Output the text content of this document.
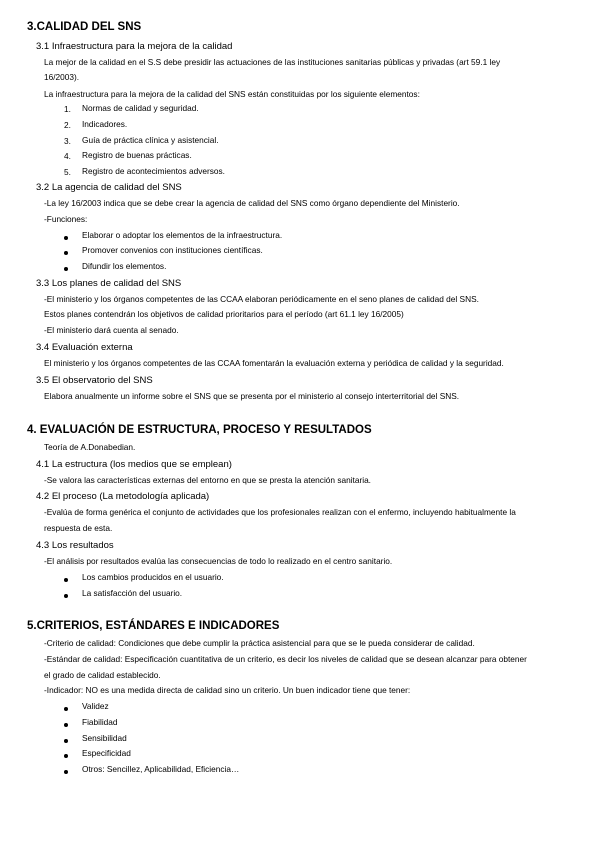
3.CALIDAD DEL SNS
3.1 Infraestructura para la mejora de la calidad
La mejor de la calidad en el S.S debe presidir las actuaciones de las instituciones sanitarias públicas y privadas (art 59.1 ley
16/2003).
La infraestructura para la mejora de la calidad del SNS están constituidas por los siguiente elementos:
1. Normas de calidad y seguridad.
2. Indicadores.
3. Guía de práctica clínica y asistencial.
4. Registro de buenas prácticas.
5. Registro de acontecimientos adversos.
3.2 La agencia de calidad del SNS
-La ley 16/2003 indica que se debe crear la agencia de calidad del SNS como órgano dependiente del Ministerio.
-Funciones:
Elaborar o adoptar los elementos de la infraestructura.
Promover convenios con instituciones científicas.
Difundir los elementos.
3.3 Los planes de calidad del SNS
-El ministerio y los órganos competentes de las CCAA elaboran periódicamente en el seno planes de calidad del SNS.
Estos planes contendrán los objetivos de calidad prioritarios para el período (art 61.1 ley 16/2005)
-El ministerio dará cuenta al senado.
3.4 Evaluación externa
El ministerio y los órganos competentes de las CCAA fomentarán la evaluación externa y periódica de calidad y la seguridad.
3.5 El observatorio del SNS
Elabora anualmente un informe sobre el SNS que se presenta por el ministerio al consejo interterritorial del SNS.
4. EVALUACIÓN DE ESTRUCTURA, PROCESO Y RESULTADOS
Teoría de A.Donabedian.
4.1 La estructura (los medios que se emplean)
-Se valora las características externas del entorno en que se presta la atención sanitaria.
4.2 El proceso (La metodología aplicada)
-Evalúa de forma genérica el conjunto de actividades que los profesionales realizan con el enfermo, incluyendo habitualmente la
respuesta de esta.
4.3 Los resultados
-El análisis por resultados evalúa las consecuencias de todo lo realizado en el centro sanitario.
Los cambios producidos en el usuario.
La satisfacción del usuario.
5.CRITERIOS, ESTÁNDARES E INDICADORES
-Criterio de calidad: Condiciones que debe cumplir la práctica asistencial para que se le pueda considerar de calidad.
-Estándar de calidad: Especificación cuantitativa de un criterio, es decir los niveles de calidad que se desean alcanzar para obtener
el grado de calidad establecido.
-Indicador: NO es una medida directa de calidad sino un criterio. Un buen indicador tiene que tener:
Validez
Fiabilidad
Sensibilidad
Especificidad
Otros: Sencillez, Aplicabilidad, Eficiencia…
